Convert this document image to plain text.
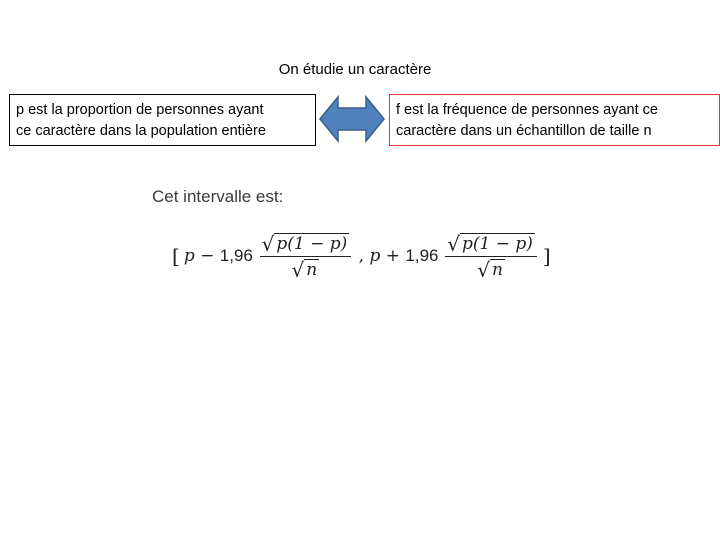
On étudie un caractère
p est la proportion de personnes ayant
ce caractère dans la population entière
f est la fréquence de personnes ayant ce
caractère dans un échantillon de taille n
Cet intervalle est:
[ $p - 1,96 \frac{√ p(1 - p)}{√ n}$ , $p + 1,96 \frac{√ p(1 - p)}{√ n}$ ]
